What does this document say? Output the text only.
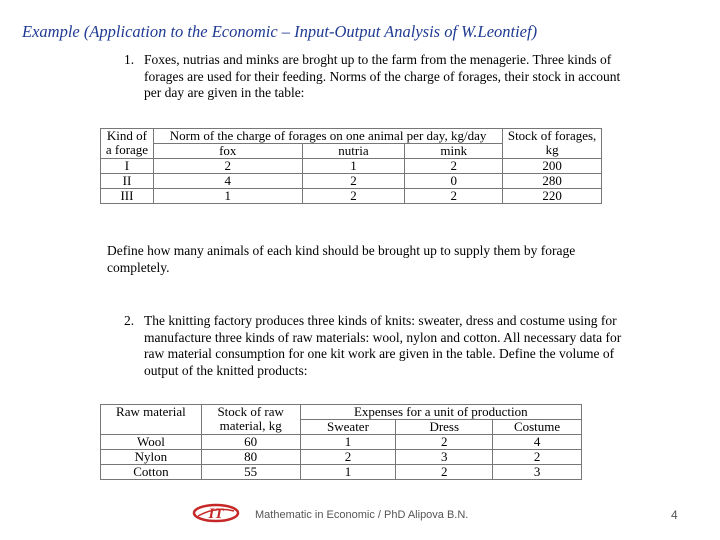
Example (Application to the Economic – Input-Output Analysis of W.Leontief)
1. Foxes, nutrias and minks are broght up to the farm from the menagerie. Three kinds of forages are used for their feeding. Norms of the charge of forages, their stock in account per day are given in the table:
Kind of a forage	Norm of the charge of forages on one animal per day, kg/day			Stock of forages, kg
	fox	nutria	mink	
I	2	1	2	200
II	4	2	0	280
III	1	2	2	220
Define how many animals of each kind should be brought up to supply them by forage completely.
2. The knitting factory produces three kinds of knits: sweater, dress and costume using for manufacture three kinds of raw materials: wool, nylon and cotton. All necessary data for raw material consumption for one kit work are given in the table. Define the volume of output of the knitted products:
Raw material	Stock of raw material, kg	Expenses for a unit of production		
		Sweater	Dress	Costume
Wool	60	1	2	4
Nylon	80	2	3	2
Cotton	55	1	2	3
IT	Mathematic in Economic / PhD Alipova B.N.	4
